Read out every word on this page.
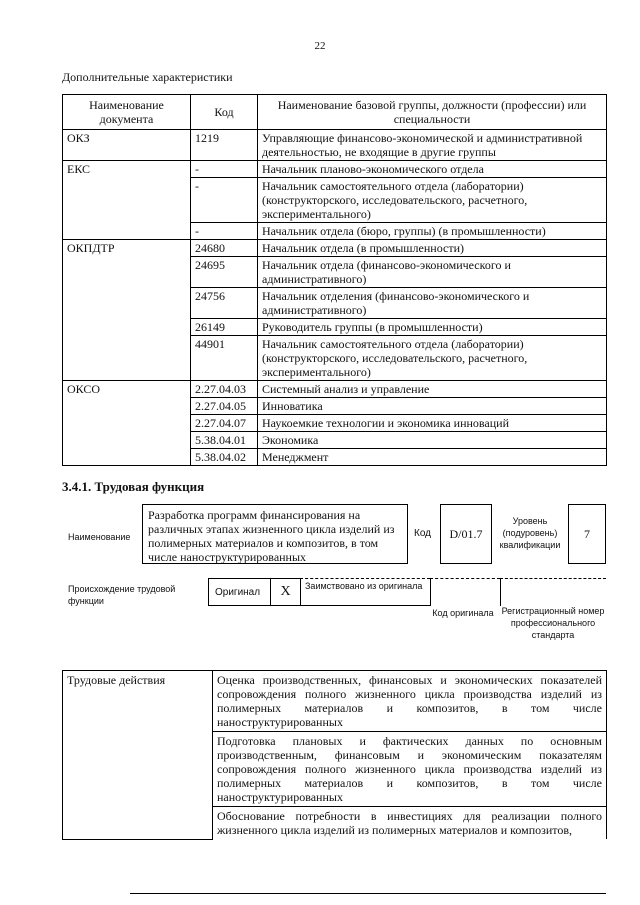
22
Дополнительные характеристики
Наименование документа	Код	Наименование базовой группы, должности (профессии) или специальности
ОКЗ	1219	Управляющие финансово-экономической и административной деятельностью, не входящие в другие группы
ЕКС	-	Начальник планово-экономического отдела
	-	Начальник самостоятельного отдела (лаборатории) (конструкторского, исследовательского, расчетного, экспериментального)
	-	Начальник отдела (бюро, группы) (в промышленности)
ОКПДТР	24680	Начальник отдела (в промышленности)
	24695	Начальник отдела (финансово-экономического и административного)
	24756	Начальник отделения (финансово-экономического и административного)
	26149	Руководитель группы (в промышленности)
	44901	Начальник самостоятельного отдела (лаборатории) (конструкторского, исследовательского, расчетного, экспериментального)
ОКСО	2.27.04.03	Системный анализ и управление
	2.27.04.05	Инноватика
	2.27.04.07	Наукоемкие технологии и экономика инноваций
	5.38.04.01	Экономика
	5.38.04.02	Менеджмент
3.4.1. Трудовая функция
Наименование
Разработка программ финансирования на различных этапах жизненного цикла изделий из полимерных материалов и композитов, в том числе наноструктурированных
Код	D/01.7
Уровень (подуровень) квалификации
7
Происхождение трудовой функции
Оригинал	X	Заимствовано из оригинала
Код оригинала Регистрационный номер профессионального стандарта
Трудовые действия	Оценка производственных, финансовых и экономических показателей сопровождения полного жизненного цикла производства изделий из полимерных материалов и композитов, в том числе наноструктурированных
Подготовка плановых и фактических данных по основным производственным, финансовым и экономическим показателям сопровождения полного жизненного цикла производства изделий из полимерных материалов и композитов, в том числе наноструктурированных
Обоснование потребности в инвестициях для реализации полного жизненного цикла изделий из полимерных материалов и композитов,
